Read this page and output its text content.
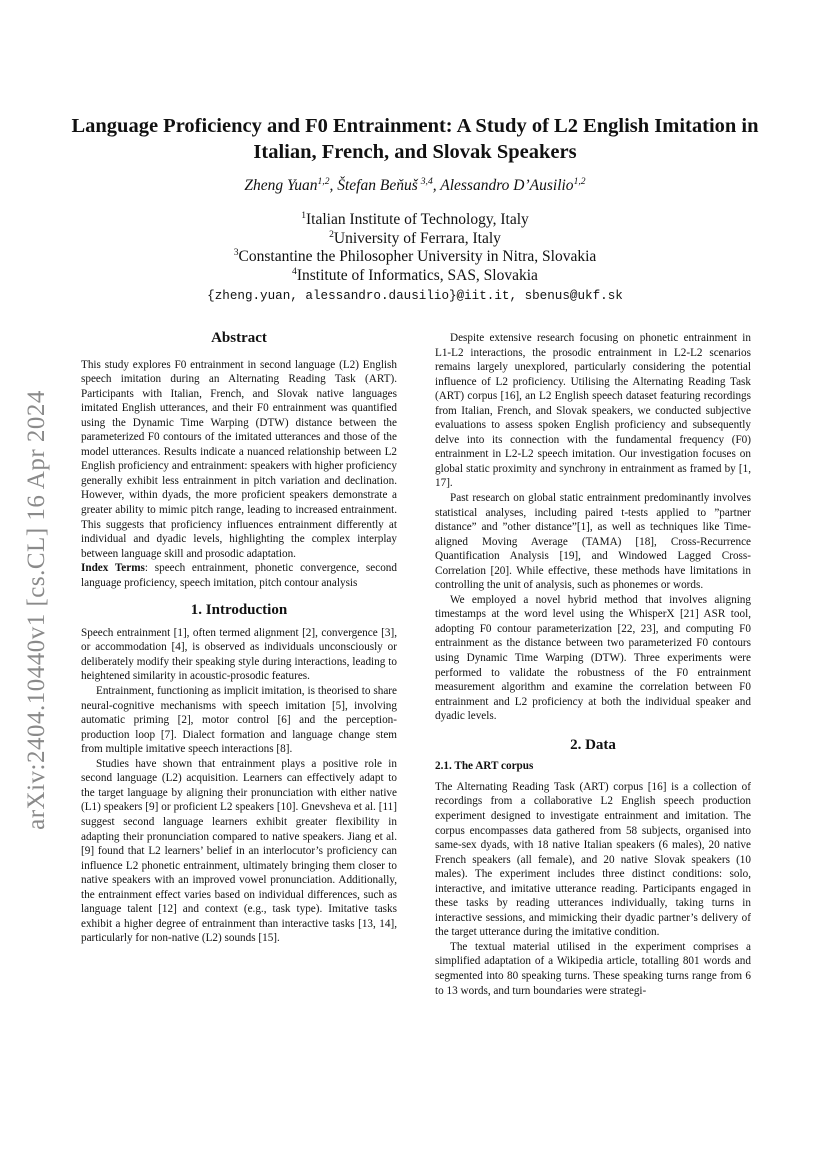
arXiv:2404.10440v1 [cs.CL] 16 Apr 2024
Language Proficiency and F0 Entrainment: A Study of L2 English Imitation in
Italian, French, and Slovak Speakers
Zheng Yuan$^{1,2}$, Štefan Beňuš $^{3,4}$, Alessandro D’Ausilio$^{1,2}$
$^1$Italian Institute of Technology, Italy
$^2$University of Ferrara, Italy
$^3$Constantine the Philosopher University in Nitra, Slovakia
$^4$Institute of Informatics, SAS, Slovakia
{zheng.yuan, alessandro.dausilio}@iit.it, sbenus@ukf.sk
Abstract

This study explores F0 entrainment in second language (L2) English speech imitation during an Alternating Reading Task (ART). Participants with Italian, French, and Slovak native languages imitated English utterances, and their F0 entrainment was quantified using the Dynamic Time Warping (DTW) distance between the parameterized F0 contours of the imitated utterances and those of the model utterances. Results indicate a nuanced relationship between L2 English proficiency and entrainment: speakers with higher proficiency generally exhibit less entrainment in pitch variation and declination. However, within dyads, the more proficient speakers demonstrate a greater ability to mimic pitch range, leading to increased entrainment. This suggests that proficiency influences entrainment differently at individual and dyadic levels, highlighting the complex interplay between language skill and prosodic adaptation.

Index Terms: speech entrainment, phonetic convergence, second language proficiency, speech imitation, pitch contour analysis

1. Introduction

Speech entrainment [1], often termed alignment [2], convergence [3], or accommodation [4], is observed as individuals unconsciously or deliberately modify their speaking style during interactions, leading to heightened similarity in acoustic-prosodic features.

Entrainment, functioning as implicit imitation, is theorised to share neural-cognitive mechanisms with speech imitation [5], involving automatic priming [2], motor control [6] and the perception-production loop [7]. Dialect formation and language change stem from multiple imitative speech interactions [8].

Studies have shown that entrainment plays a positive role in second language (L2) acquisition. Learners can effectively adapt to the target language by aligning their pronunciation with either native (L1) speakers [9] or proficient L2 speakers [10]. Gnevsheva et al. [11] suggest second language learners exhibit greater flexibility in adapting their pronunciation compared to native speakers. Jiang et al. [9] found that L2 learners’ belief in an interlocutor’s proficiency can influence L2 phonetic entrainment, ultimately bringing them closer to native speakers with an improved vowel pronunciation. Additionally, the entrainment effect varies based on individual differences, such as language talent [12] and context (e.g., task type). Imitative tasks exhibit a higher degree of entrainment than interactive tasks [13, 14], particularly for non-native (L2) sounds [15].

Despite extensive research focusing on phonetic entrainment in L1-L2 interactions, the prosodic entrainment in L2-L2 scenarios remains largely unexplored, particularly considering the potential influence of L2 proficiency. Utilising the Alternating Reading Task (ART) corpus [16], an L2 English speech dataset featuring recordings from Italian, French, and Slovak speakers, we conducted subjective evaluations to assess spoken English proficiency and subsequently delve into its connection with the fundamental frequency (F0) entrainment in L2-L2 speech imitation. Our investigation focuses on global static proximity and synchrony in entrainment as framed by [1, 17].

Past research on global static entrainment predominantly involves statistical analyses, including paired t-tests applied to ”partner distance” and ”other distance”[1], as well as techniques like Time-aligned Moving Average (TAMA) [18], Cross-Recurrence Quantification Analysis [19], and Windowed Lagged Cross-Correlation [20]. While effective, these methods have limitations in controlling the unit of analysis, such as phonemes or words.

We employed a novel hybrid method that involves aligning timestamps at the word level using the WhisperX [21] ASR tool, adopting F0 contour parameterization [22, 23], and computing F0 entrainment as the distance between two parameterized F0 contours using Dynamic Time Warping (DTW). Three experiments were performed to validate the robustness of the F0 entrainment measurement algorithm and examine the correlation between F0 entrainment and L2 proficiency at both the individual speaker and dyadic levels.

2. Data
2.1. The ART corpus

The Alternating Reading Task (ART) corpus [16] is a collection of recordings from a collaborative L2 English speech production experiment designed to investigate entrainment and imitation. The corpus encompasses data gathered from 58 subjects, organised into same-sex dyads, with 18 native Italian speakers (6 males), 20 native French speakers (all female), and 20 native Slovak speakers (10 males). The experiment includes three distinct conditions: solo, interactive, and imitative utterance reading. Participants engaged in these tasks by reading utterances individually, taking turns in interactive sessions, and mimicking their dyadic partner’s delivery of the target utterance during the imitative condition.

The textual material utilised in the experiment comprises a simplified adaptation of a Wikipedia article, totalling 801 words and segmented into 80 speaking turns. These speaking turns range from 6 to 13 words, and turn boundaries were strategi-
